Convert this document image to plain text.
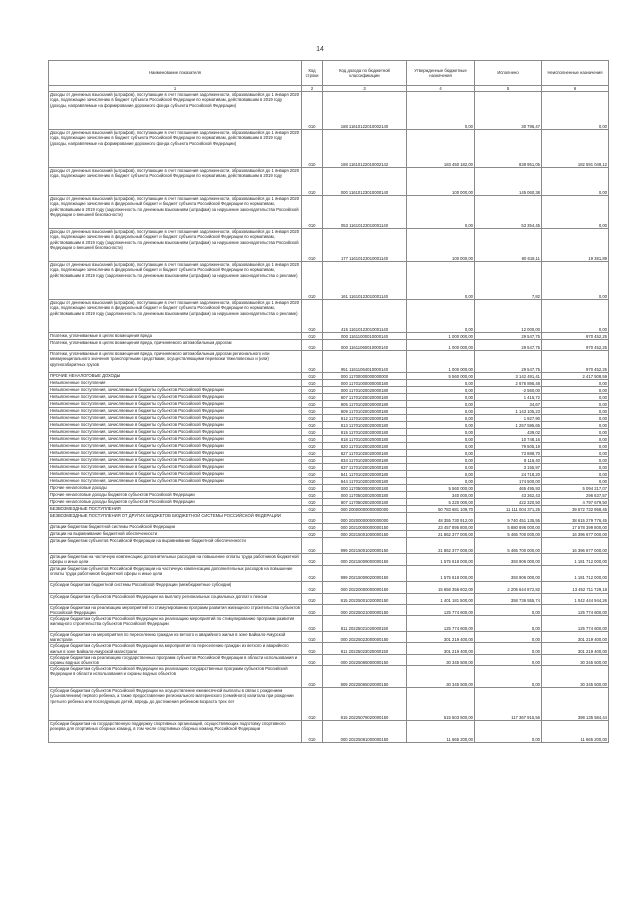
14
Наименование показателя	Код строки	Код дохода по бюджетной классификации	Утвержденные бюджетные назначения	Исполнено	Неисполненные назначения
1	2	3	4	5	6
Доходы от денежных взысканий (штрафов), поступающие в счет погашения задолженности, образовавшейся до 1 января 2020 года, подлежащие зачислению в бюджет субъекта Российской Федерации по нормативам, действовавшим в 2019 году (доходы, направляемые на формирование дорожного фонда субъекта Российской Федерации)	010	188 11610122010002140	0,00	30 796,47	0,00
Доходы от денежных взысканий (штрафов), поступающие в счет погашения задолженности, образовавшейся до 1 января 2020 года, подлежащие зачислению в бюджет субъекта Российской Федерации по нормативам, действовавшим в 2019 году (доходы, направляемые на формирование дорожного фонда субъекта Российской Федерации)	010	188 11610122010002142	183 450 182,00	838 951,05	182 591 049,12
Доходы от денежных взысканий (штрафов), поступающие в счет погашения задолженности, образовавшейся до 1 января 2020 года, подлежащие зачислению в бюджет субъекта Российской Федерации по нормативам, действовавшим в 2019 году	010	000 11610123010000140	100 000,00	145 060,38	0,00
Доходы от денежных взысканий (штрафов), поступающие в счет погашения задолженности, образовавшейся до 1 января 2020 года, подлежащие зачислению в федеральный бюджет и бюджет субъекта Российской Федерации по нормативам, действовавшим в 2019 году (задолженность по денежным взысканиям (штрафам) за нарушение законодательства Российской Федерации о внешней безопасности)	010	053 11610123010001140	0,00	53 354,45	0,00
Доходы от денежных взысканий (штрафов), поступающие в счет погашения задолженности, образовавшейся до 1 января 2020 года, подлежащие зачислению в федеральный бюджет и бюджет субъекта Российской Федерации по нормативам, действовавшим в 2019 году (задолженность по денежным взысканиям (штрафам) за нарушение законодательства Российской Федерации о внешней безопасности)	010	177 11610123010001140	100 000,00	80 618,11	19 381,89
Доходы от денежных взысканий (штрафов), поступающие в счет погашения задолженности, образовавшейся до 1 января 2020 года, подлежащие зачислению в федеральный бюджет и бюджет субъекта Российской Федерации по нормативам, действовавшим в 2019 году (задолженность по денежным взысканиям (штрафам) за нарушение законодательства о рекламе)	010	161 11610123010001140	0,00	7,82	0,00
Доходы от денежных взысканий (штрафов), поступающие в счет погашения задолженности, образовавшейся до 1 января 2020 года, подлежащие зачислению в федеральный бюджет и бюджет субъекта Российской Федерации по нормативам, действовавшим в 2019 году (задолженность по денежным взысканиям (штрафам) за нарушение законодательства о рекламе)	010	415 11610123010001140	0,00	12 000,00	0,00
Платежи, уплачиваемые в целях возмещения вреда	010	000 11611000010000140	1 000 000,00	29 547,75	970 452,25
Платежи, уплачиваемые в целях возмещения вреда, причиняемого автомобильным дорогам	010	000 11611060010000140	1 000 000,00	29 547,75	970 452,25
Платежи, уплачиваемые в целях возмещения вреда, причиняемого автомобильным дорогам регионального или межмуниципального значения транспортными средствами, осуществляющими перевозки тяжеловесных и (или) крупногабаритных грузов	010	951 11611064010000140	1 000 000,00	29 547,75	970 452,25
ПРОЧИЕ НЕНАЛОГОВЫЕ ДОХОДЫ	010	000 11700000000000000	5 560 000,00	3 142 491,41	2 417 508,59
Невыясненные поступления	010	000 11701000000000180	0,00	2 676 895,48	0,00
Невыясненные поступления, зачисляемые в бюджеты субъектов Российской Федерации	010	000 11701020020000180	0,00	-2 560,00	0,00
Невыясненные поступления, зачисляемые в бюджеты субъектов Российской Федерации	010	807 11701020020000180	0,00	1 415,72	0,00
Невыясненные поступления, зачисляемые в бюджеты субъектов Российской Федерации	010	805 11701020020000180	0,00	34,67	0,00
Невыясненные поступления, зачисляемые в бюджеты субъектов Российской Федерации	010	809 11701020020000180	0,00	1 143 105,23	0,00
Невыясненные поступления, зачисляемые в бюджеты субъектов Российской Федерации	010	812 11701020020000180	0,00	1 927,90	0,00
Невыясненные поступления, зачисляемые в бюджеты субъектов Российской Федерации	010	813 11701020020000180	0,00	1 257 595,65	0,00
Невыясненные поступления, зачисляемые в бюджеты субъектов Российской Федерации	010	815 11701020020000180	0,00	439,02	0,00
Невыясненные поступления, зачисляемые в бюджеты субъектов Российской Федерации	010	818 11701020020000180	0,00	10 748,16	0,00
Невыясненные поступления, зачисляемые в бюджеты субъектов Российской Федерации	010	820 11701020020000180	0,00	79 505,19	0,00
Невыясненные поступления, зачисляемые в бюджеты субъектов Российской Федерации	010	827 11701020020000180	0,00	73 888,70	0,00
Невыясненные поступления, зачисляемые в бюджеты субъектов Российской Федерации	010	834 11701020020000180	0,00	8 116,40	0,00
Невыясненные поступления, зачисляемые в бюджеты субъектов Российской Федерации	010	837 11701020020000180	0,00	3 155,97	0,00
Невыясненные поступления, зачисляемые в бюджеты субъектов Российской Федерации	010	841 11701020020000180	0,00	24 718,20	0,00
Невыясненные поступления, зачисляемые в бюджеты субъектов Российской Федерации	010	844 11701020020000180	0,00	174 500,00	0,00
Прочие неналоговые доходы	010	000 11705000000000180	5 560 000,00	465 495,93	5 094 217,07
Прочие неналоговые доходы бюджетов субъектов Российской Федерации	010	000 11705020020000180	340 000,00	43 362,43	296 637,57
Прочие неналоговые доходы бюджетов субъектов Российской Федерации	010	807 11705020020000180	5 220 000,00	422 320,50	4 797 679,50
БЕЗВОЗМЕЗДНЫЕ ПОСТУПЛЕНИЯ	010	000 20000000000000000	50 783 681 109,70	11 111 004 371,25	39 672 732 958,45
БЕЗВОЗМЕЗДНЫЕ ПОСТУПЛЕНИЯ ОТ ДРУГИХ БЮДЖЕТОВ БЮДЖЕТНОЙ СИСТЕМЫ РОССИЙСКОЙ ФЕДЕРАЦИИ	010	000 20200000000000000	48 355 730 912,00	9 740 451 135,55	38 615 279 776,45
Дотации бюджетам бюджетной системы Российской Федерации	010	000 20210000000000150	23 457 895 800,00	5 880 696 000,00	17 578 399 800,00
Дотации на выравнивание бюджетной обеспеченности	010	000 20215001000000150	21 862 377 000,00	5 465 700 000,00	16 396 677 000,00
Дотации бюджетам субъектов Российской Федерации на выравнивание бюджетной обеспеченности	010	999 20215001020000150	21 862 377 000,00	5 465 700 000,00	16 396 677 000,00
Дотации бюджетам на частичную компенсацию дополнительных расходов на повышение оплаты труда работников бюджетной сферы и иные цели	010	000 20215009000000150	1 575 618 000,00	393 906 000,00	1 181 712 000,00
Дотации бюджетам субъектов Российской Федерации на частичную компенсацию дополнительных расходов на повышение оплаты труда работников бюджетной сферы и иные цели	010	999 20215009020000150	1 575 618 000,00	393 906 000,00	1 181 712 000,00
Субсидии бюджетам бюджетной системы Российской Федерации (межбюджетные субсидии)	010	000 20220000000000150	15 658 356 602,00	2 205 644 872,82	13 452 711 729,18
Субсидии бюджетам субъектов Российской Федерации на выплату региональных социальных доплат к пенсии	010	815 20225001020000150	1 401 181 500,00	358 736 555,74	1 042 444 944,26
Субсидии бюджетам на реализацию мероприятий по стимулированию программ развития жилищного строительства субъектов Российской Федерации	010	000 20225021000000150	125 774 600,00	0,00	125 774 600,00
Субсидии бюджетам субъектов Российской Федерации на реализацию мероприятий по стимулированию программ развития жилищного строительства субъектов Российской Федерации	010	811 20225021020000150	125 774 600,00	0,00	125 774 600,00
Субсидии бюджетам на мероприятия по переселению граждан из ветхого и аварийного жилья в зоне Байкало-Амурской магистрали	010	000 20225023000000150	301 219 400,00	0,00	301 219 400,00
Субсидии бюджетам субъектов Российской Федерации на мероприятия по переселению граждан из ветхого и аварийного жилья в зоне Байкало-Амурской магистрали	010	811 20225023020000150	301 219 400,00	0,00	301 219 400,00
Субсидии бюджетам на реализацию государственных программ субъектов Российской Федерации в области использования и охраны водных объектов	010	000 20225065000000150	30 345 500,00	0,00	30 345 500,00
Субсидии бюджетам субъектов Российской Федерации на реализацию государственных программ субъектов Российской Федерации в области использования и охраны водных объектов	010	809 20225065020000150	30 345 500,00	0,00	30 345 500,00
Субсидии бюджетам субъектов Российской Федерации на осуществление ежемесячной выплаты в связи с рождением (усыновлением) первого ребенка, а также предоставление регионального материнского (семейного) капитала при рождении третьего ребенка или последующих детей, впредь до достижения ребенком возраста трех лет	010	815 20225078020000150	515 503 500,00	117 367 915,56	398 135 584,44
Субсидии бюджетам на государственную поддержку спортивных организаций, осуществляющих подготовку спортивного резерва для спортивных сборных команд, в том числе спортивных сборных команд Российской Федерации	010	000 20225081000000150	11 665 200,00	0,00	11 665 200,00
